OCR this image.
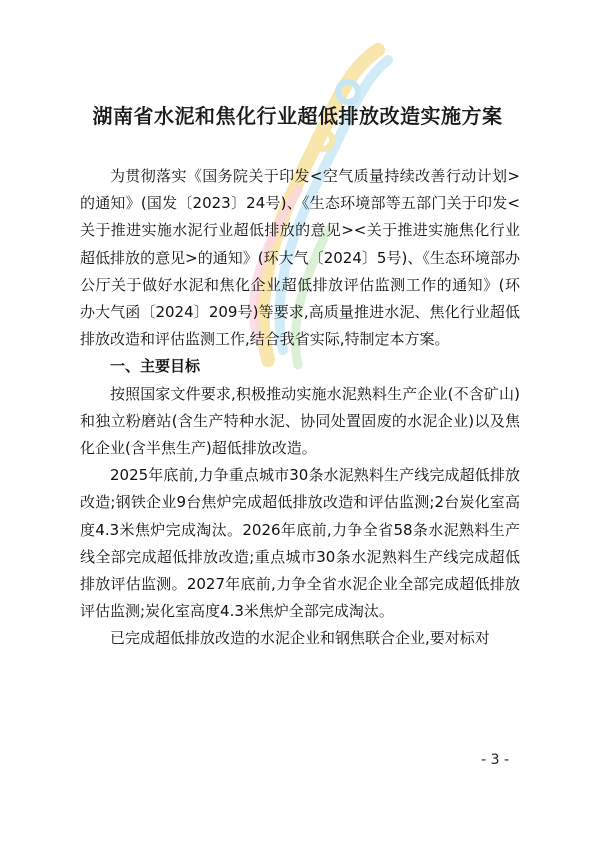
湖南省水泥和焦化行业超低排放改造实施方案

为贯彻落实《国务院关于印发<空气质量持续改善行动计划>的通知》(国发〔2023〕24号)、《生态环境部等五部门关于印发<关于推进实施水泥行业超低排放的意见><关于推进实施焦化行业超低排放的意见>的通知》(环大气〔2024〕5号)、《生态环境部办公厅关于做好水泥和焦化企业超低排放评估监测工作的通知》(环办大气函〔2024〕209号)等要求,高质量推进水泥、焦化行业超低排放改造和评估监测工作,结合我省实际,特制定本方案。

一、主要目标

按照国家文件要求,积极推动实施水泥熟料生产企业(不含矿山)和独立粉磨站(含生产特种水泥、协同处置固废的水泥企业)以及焦化企业(含半焦生产)超低排放改造。

2025年底前,力争重点城市30条水泥熟料生产线完成超低排放改造;钢铁企业9台焦炉完成超低排放改造和评估监测;2台炭化室高度4.3米焦炉完成淘汰。2026年底前,力争全省58条水泥熟料生产线全部完成超低排放改造;重点城市30条水泥熟料生产线完成超低排放评估监测。2027年底前,力争全省水泥企业全部完成超低排放评估监测;炭化室高度4.3米焦炉全部完成淘汰。

已完成超低排放改造的水泥企业和钢焦联合企业,要对标对

- 3 -
